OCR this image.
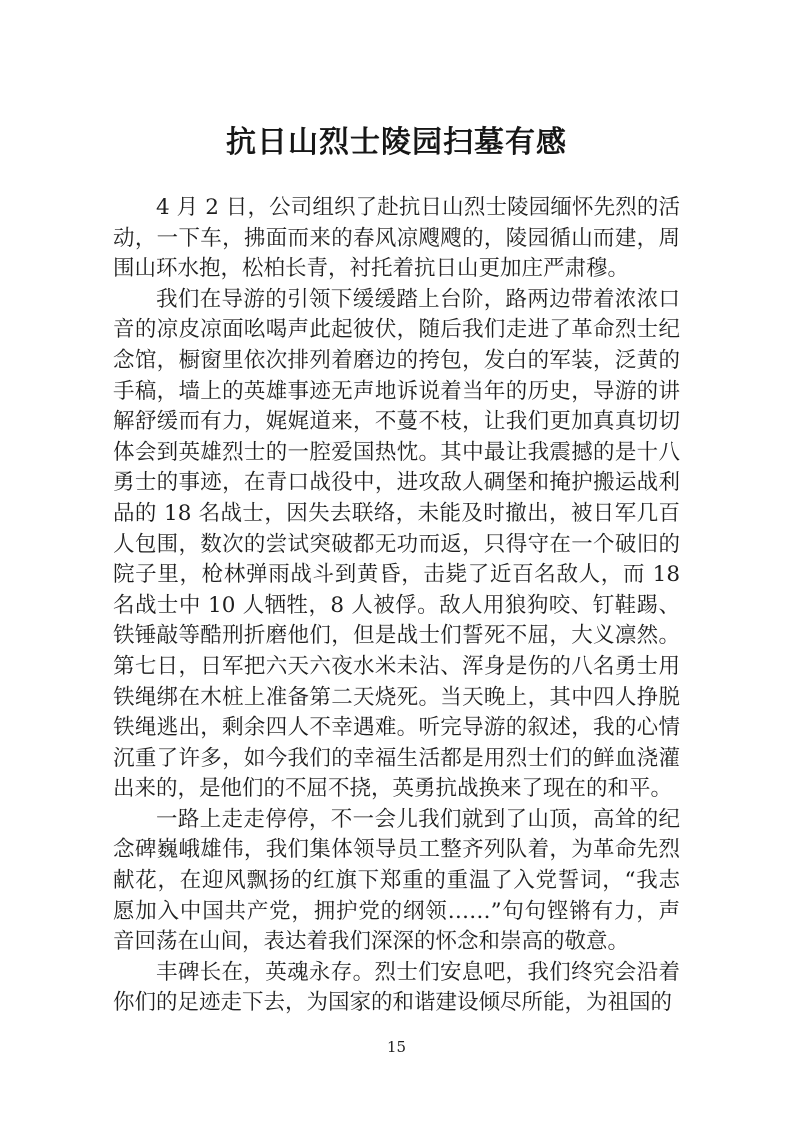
抗日山烈士陵园扫墓有感

4 月 2 日，公司组织了赴抗日山烈士陵园缅怀先烈的活动，一下车，拂面而来的春风凉飕飕的，陵园循山而建，周围山环水抱，松柏长青，衬托着抗日山更加庄严肃穆。

我们在导游的引领下缓缓踏上台阶，路两边带着浓浓口音的凉皮凉面吆喝声此起彼伏，随后我们走进了革命烈士纪念馆，橱窗里依次排列着磨边的挎包，发白的军装，泛黄的手稿，墙上的英雄事迹无声地诉说着当年的历史，导游的讲解舒缓而有力，娓娓道来，不蔓不枝，让我们更加真真切切体会到英雄烈士的一腔爱国热忱。其中最让我震撼的是十八勇士的事迹，在青口战役中，进攻敌人碉堡和掩护搬运战利品的 18 名战士，因失去联络，未能及时撤出，被日军几百人包围，数次的尝试突破都无功而返，只得守在一个破旧的院子里，枪林弹雨战斗到黄昏，击毙了近百名敌人，而 18 名战士中 10 人牺牲，8 人被俘。敌人用狼狗咬、钉鞋踢、铁锤敲等酷刑折磨他们，但是战士们誓死不屈，大义凛然。第七日，日军把六天六夜水米未沾、浑身是伤的八名勇士用铁绳绑在木桩上准备第二天烧死。当天晚上，其中四人挣脱铁绳逃出，剩余四人不幸遇难。听完导游的叙述，我的心情沉重了许多，如今我们的幸福生活都是用烈士们的鲜血浇灌出来的，是他们的不屈不挠，英勇抗战换来了现在的和平。

一路上走走停停，不一会儿我们就到了山顶，高耸的纪念碑巍峨雄伟，我们集体领导员工整齐列队着，为革命先烈献花，在迎风飘扬的红旗下郑重的重温了入党誓词，“我志愿加入中国共产党，拥护党的纲领……”句句铿锵有力，声音回荡在山间，表达着我们深深的怀念和崇高的敬意。

丰碑长在，英魂永存。烈士们安息吧，我们终究会沿着你们的足迹走下去，为国家的和谐建设倾尽所能，为祖国的

15
